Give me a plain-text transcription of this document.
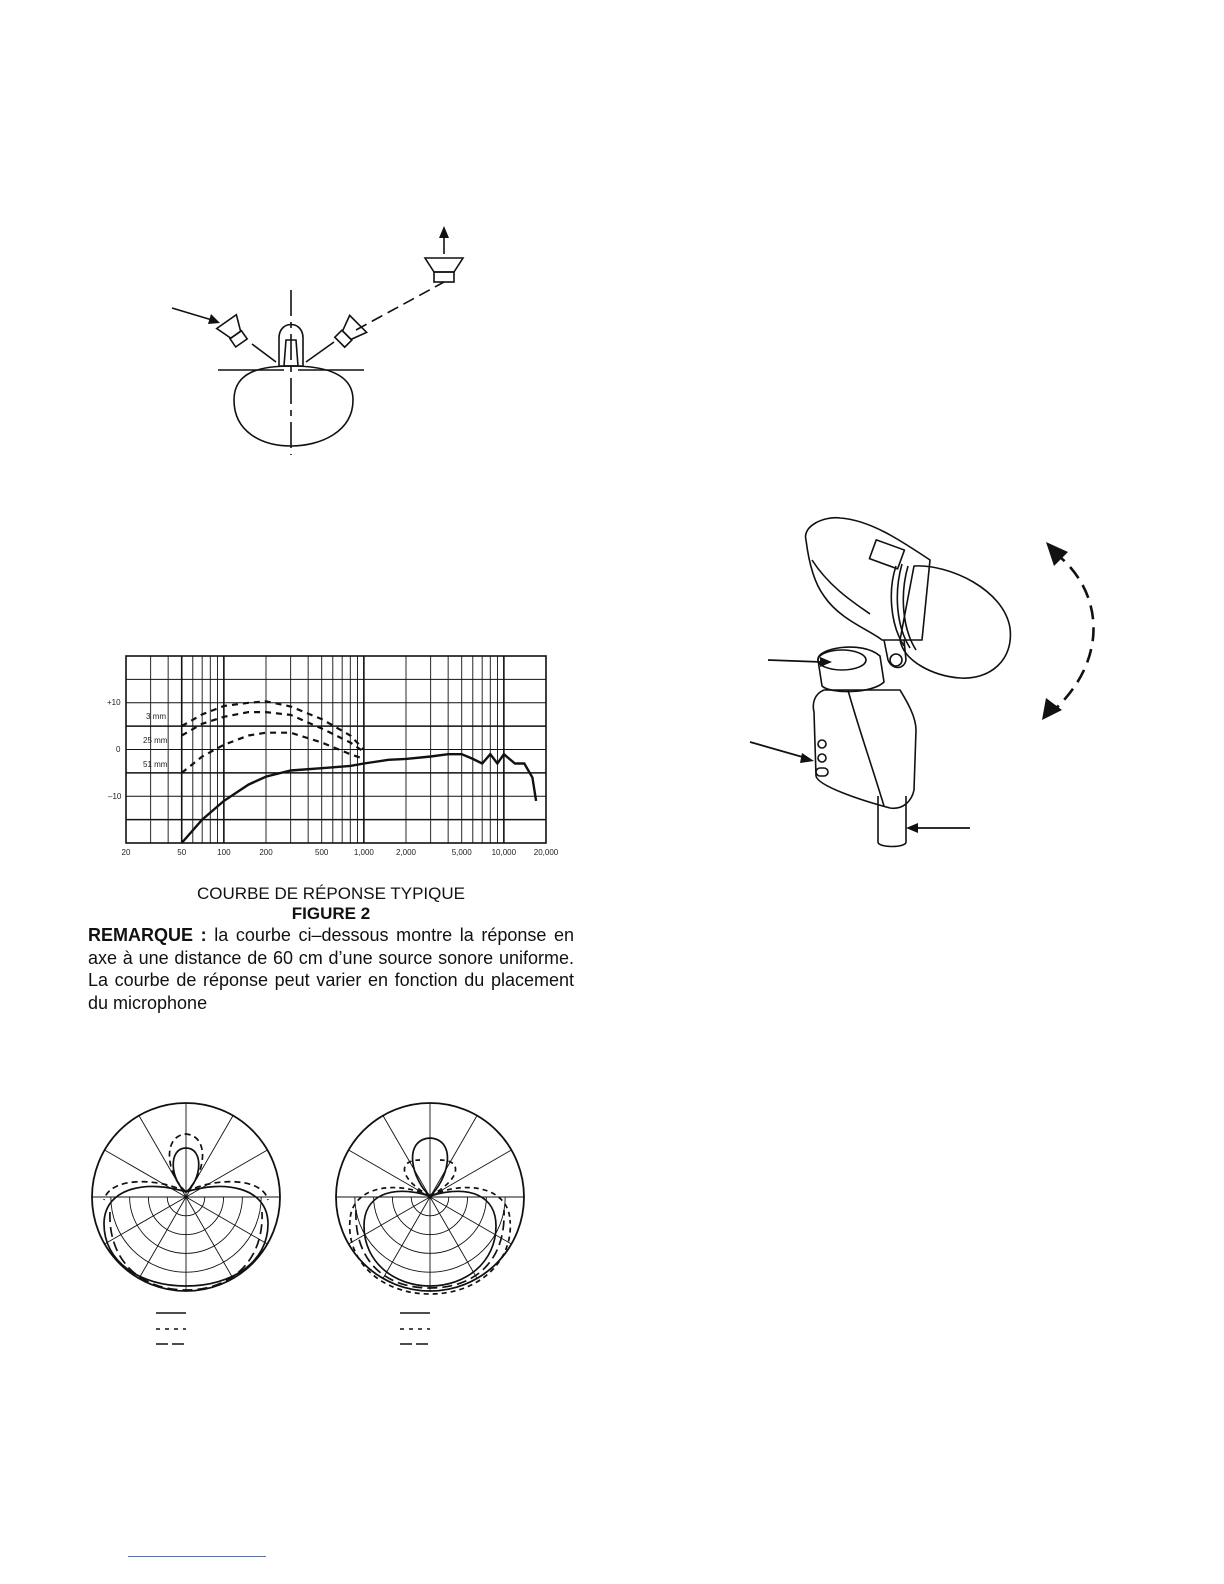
20	50	100	200	500	1,000	2,000	5,000 10,000 20,000
3 mm
25 mm
51 mm
+10
0
–10
COURBE DE RÉPONSE TYPIQUE
FIGURE 2
REMARQUE : la courbe ci–dessous montre la réponse en axe à une distance de 60 cm d’une source sonore uniforme. La courbe de réponse peut varier en fonction du placement du microphone
